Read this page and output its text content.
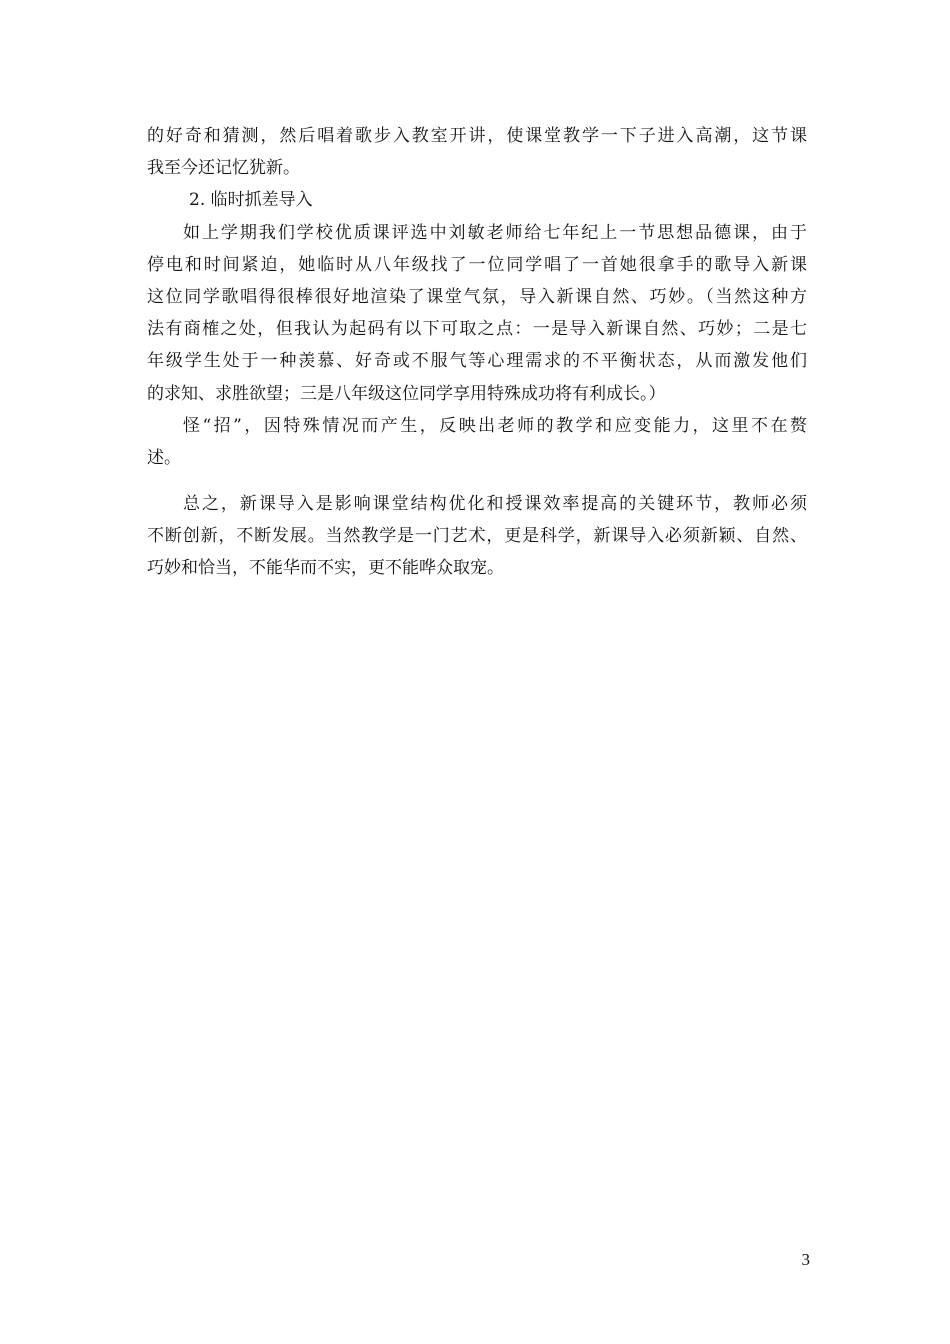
的好奇和猜测，然后唱着歌步入教室开讲，使课堂教学一下子进入高潮，这节课
我至今还记忆犹新。
2. 临时抓差导入
如上学期我们学校优质课评选中刘敏老师给七年纪上一节思想品德课，由于
停电和时间紧迫，她临时从八年级找了一位同学唱了一首她很拿手的歌导入新课
这位同学歌唱得很棒很好地渲染了课堂气氛，导入新课自然、巧妙。（当然这种方
法有商榷之处，但我认为起码有以下可取之点：一是导入新课自然、巧妙；二是七
年级学生处于一种羡慕、好奇或不服气等心理需求的不平衡状态，从而激发他们
的求知、求胜欲望；三是八年级这位同学享用特殊成功将有利成长。）
怪“招”，因特殊情况而产生，反映出老师的教学和应变能力，这里不在赘
述。
总之，新课导入是影响课堂结构优化和授课效率提高的关键环节，教师必须
不断创新，不断发展。当然教学是一门艺术，更是科学，新课导入必须新颖、自然、
巧妙和恰当，不能华而不实，更不能哗众取宠。
3
